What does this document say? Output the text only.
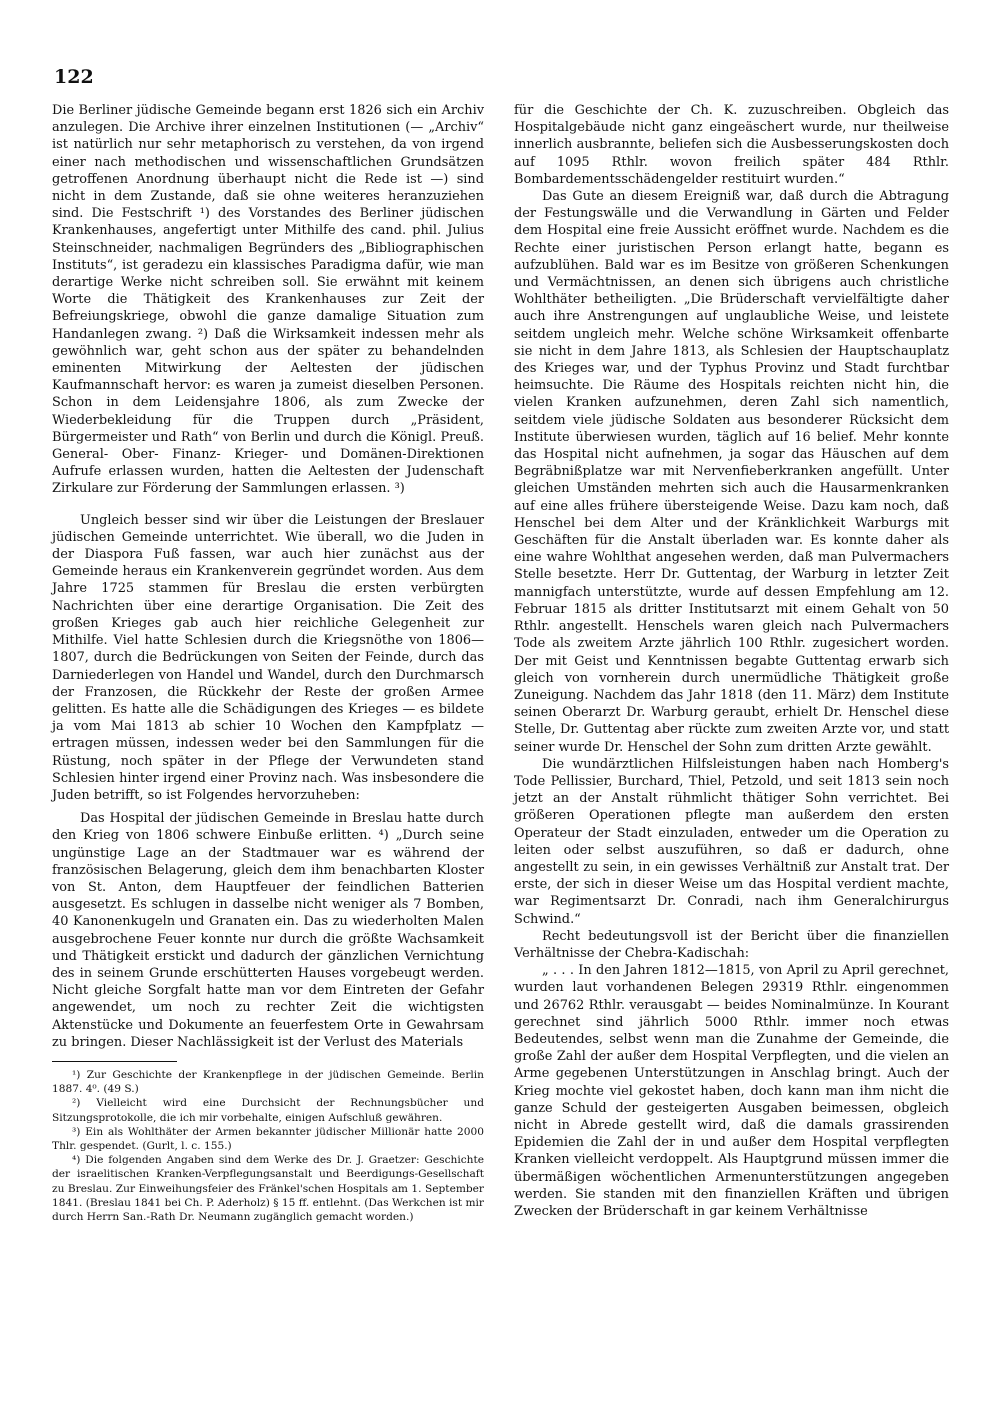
122

Die Berliner jüdische Gemeinde begann erst 1826 sich ein Archiv anzulegen. Die Archive ihrer einzelnen Institutionen (— „Archiv“ ist natürlich nur sehr metaphorisch zu verstehen, da von irgend einer nach methodischen und wissenschaftlichen Grundsätzen getroffenen Anordnung überhaupt nicht die Rede ist —) sind nicht in dem Zustande, daß sie ohne weiteres heranzuziehen sind. Die Festschrift ¹) des Vorstandes des Berliner jüdischen Krankenhauses, angefertigt unter Mithilfe des cand. phil. Julius Steinschneider, nachmaligen Begründers des „Bibliographischen Instituts“, ist geradezu ein klassisches Paradigma dafür, wie man derartige Werke nicht schreiben soll. Sie erwähnt mit keinem Worte die Thätigkeit des Krankenhauses zur Zeit der Befreiungskriege, obwohl die ganze damalige Situation zum Handanlegen zwang. ²) Daß die Wirksamkeit indessen mehr als gewöhnlich war, geht schon aus der später zu behandelnden eminenten Mitwirkung der Aeltesten der jüdischen Kaufmannschaft hervor: es waren ja zumeist dieselben Personen. Schon in dem Leidensjahre 1806, als zum Zwecke der Wiederbekleidung für die Truppen durch „Präsident, Bürgermeister und Rath“ von Berlin und durch die Königl. Preuß. General- Ober- Finanz- Krieger- und Domänen-Direktionen Aufrufe erlassen wurden, hatten die Aeltesten der Judenschaft Zirkulare zur Förderung der Sammlungen erlassen. ³)

Ungleich besser sind wir über die Leistungen der Breslauer jüdischen Gemeinde unterrichtet. Wie überall, wo die Juden in der Diaspora Fuß fassen, war auch hier zunächst aus der Gemeinde heraus ein Krankenverein gegründet worden. Aus dem Jahre 1725 stammen für Breslau die ersten verbürgten Nachrichten über eine derartige Organisation. Die Zeit des großen Krieges gab auch hier reichliche Gelegenheit zur Mithilfe. Viel hatte Schlesien durch die Kriegsnöthe von 1806—1807, durch die Bedrückungen von Seiten der Feinde, durch das Darniederlegen von Handel und Wandel, durch den Durchmarsch der Franzosen, die Rückkehr der Reste der großen Armee gelitten. Es hatte alle die Schädigungen des Krieges — es bildete ja vom Mai 1813 ab schier 10 Wochen den Kampfplatz — ertragen müssen, indessen weder bei den Sammlungen für die Rüstung, noch später in der Pflege der Verwundeten stand Schlesien hinter irgend einer Provinz nach. Was insbesondere die Juden betrifft, so ist Folgendes hervorzuheben:

Das Hospital der jüdischen Gemeinde in Breslau hatte durch den Krieg von 1806 schwere Einbuße erlitten. ⁴) „Durch seine ungünstige Lage an der Stadtmauer war es während der französischen Belagerung, gleich dem ihm benachbarten Kloster von St. Anton, dem Hauptfeuer der feindlichen Batterien ausgesetzt. Es schlugen in dasselbe nicht weniger als 7 Bomben, 40 Kanonenkugeln und Granaten ein. Das zu wiederholten Malen ausgebrochene Feuer konnte nur durch die größte Wachsamkeit und Thätigkeit erstickt und dadurch der gänzlichen Vernichtung des in seinem Grunde erschütterten Hauses vorgebeugt werden. Nicht gleiche Sorgfalt hatte man vor dem Eintreten der Gefahr angewendet, um noch zu rechter Zeit die wichtigsten Aktenstücke und Dokumente an feuerfestem Orte in Gewahrsam zu bringen. Dieser Nachlässigkeit ist der Verlust des Materials

¹) Zur Geschichte der Krankenpflege in der jüdischen Gemeinde. Berlin 1887. 4⁰. (49 S.)

²) Vielleicht wird eine Durchsicht der Rechnungsbücher und Sitzungsprotokolle, die ich mir vorbehalte, einigen Aufschluß gewähren.

³) Ein als Wohlthäter der Armen bekannter jüdischer Millionär hatte 2000 Thlr. gespendet. (Gurlt, l. c. 155.)

⁴) Die folgenden Angaben sind dem Werke des Dr. J. Graetzer: Geschichte der israelitischen Kranken-Verpflegungsanstalt und Beerdigungs-Gesellschaft zu Breslau. Zur Einweihungsfeier des Fränkel'schen Hospitals am 1. September 1841. (Breslau 1841 bei Ch. P. Aderholz) § 15 ff. entlehnt. (Das Werkchen ist mir durch Herrn San.-Rath Dr. Neumann zugänglich gemacht worden.)

für die Geschichte der Ch. K. zuzuschreiben. Obgleich das Hospitalgebäude nicht ganz eingeäschert wurde, nur theilweise innerlich ausbrannte, beliefen sich die Ausbesserungskosten doch auf 1095 Rthlr. wovon freilich später 484 Rthlr. Bombardementsschädengelder restituirt wurden.“

Das Gute an diesem Ereigniß war, daß durch die Abtragung der Festungswälle und die Verwandlung in Gärten und Felder dem Hospital eine freie Aussicht eröffnet wurde. Nachdem es die Rechte einer juristischen Person erlangt hatte, begann es aufzublühen. Bald war es im Besitze von größeren Schenkungen und Vermächtnissen, an denen sich übrigens auch christliche Wohlthäter betheiligten. „Die Brüderschaft vervielfältigte daher auch ihre Anstrengungen auf unglaubliche Weise, und leistete seitdem ungleich mehr. Welche schöne Wirksamkeit offenbarte sie nicht in dem Jahre 1813, als Schlesien der Hauptschauplatz des Krieges war, und der Typhus Provinz und Stadt furchtbar heimsuchte. Die Räume des Hospitals reichten nicht hin, die vielen Kranken aufzunehmen, deren Zahl sich namentlich, seitdem viele jüdische Soldaten aus besonderer Rücksicht dem Institute überwiesen wurden, täglich auf 16 belief. Mehr konnte das Hospital nicht aufnehmen, ja sogar das Häuschen auf dem Begräbnißplatze war mit Nervenfieberkranken angefüllt. Unter gleichen Umständen mehrten sich auch die Hausarmenkranken auf eine alles frühere übersteigende Weise. Dazu kam noch, daß Henschel bei dem Alter und der Kränklichkeit Warburgs mit Geschäften für die Anstalt überladen war. Es konnte daher als eine wahre Wohlthat angesehen werden, daß man Pulvermachers Stelle besetzte. Herr Dr. Guttentag, der Warburg in letzter Zeit mannigfach unterstützte, wurde auf dessen Empfehlung am 12. Februar 1815 als dritter Institutsarzt mit einem Gehalt von 50 Rthlr. angestellt. Henschels waren gleich nach Pulvermachers Tode als zweitem Arzte jährlich 100 Rthlr. zugesichert worden. Der mit Geist und Kenntnissen begabte Guttentag erwarb sich gleich von vornherein durch unermüdliche Thätigkeit große Zuneigung. Nachdem das Jahr 1818 (den 11. März) dem Institute seinen Oberarzt Dr. Warburg geraubt, erhielt Dr. Henschel diese Stelle, Dr. Guttentag aber rückte zum zweiten Arzte vor, und statt seiner wurde Dr. Henschel der Sohn zum dritten Arzte gewählt.

Die wundärztlichen Hilfsleistungen haben nach Homberg's Tode Pellissier, Burchard, Thiel, Petzold, und seit 1813 sein noch jetzt an der Anstalt rühmlicht thätiger Sohn verrichtet. Bei größeren Operationen pflegte man außerdem den ersten Operateur der Stadt einzuladen, entweder um die Operation zu leiten oder selbst auszuführen, so daß er dadurch, ohne angestellt zu sein, in ein gewisses Verhältniß zur Anstalt trat. Der erste, der sich in dieser Weise um das Hospital verdient machte, war Regimentsarzt Dr. Conradi, nach ihm Generalchirurgus Schwind.“

Recht bedeutungsvoll ist der Bericht über die finanziellen Verhältnisse der Chebra-Kadischah:

„ . . . In den Jahren 1812—1815, von April zu April gerechnet, wurden laut vorhandenen Belegen 29319 Rthlr. eingenommen und 26762 Rthlr. verausgabt — beides Nominalmünze. In Kourant gerechnet sind jährlich 5000 Rthlr. immer noch etwas Bedeutendes, selbst wenn man die Zunahme der Gemeinde, die große Zahl der außer dem Hospital Verpflegten, und die vielen an Arme gegebenen Unterstützungen in Anschlag bringt. Auch der Krieg mochte viel gekostet haben, doch kann man ihm nicht die ganze Schuld der gesteigerten Ausgaben beimessen, obgleich nicht in Abrede gestellt wird, daß die damals grassirenden Epidemien die Zahl der in und außer dem Hospital verpflegten Kranken vielleicht verdoppelt. Als Hauptgrund müssen immer die übermäßigen wöchentlichen Armenunterstützungen angegeben werden. Sie standen mit den finanziellen Kräften und übrigen Zwecken der Brüderschaft in gar keinem Verhältnisse
